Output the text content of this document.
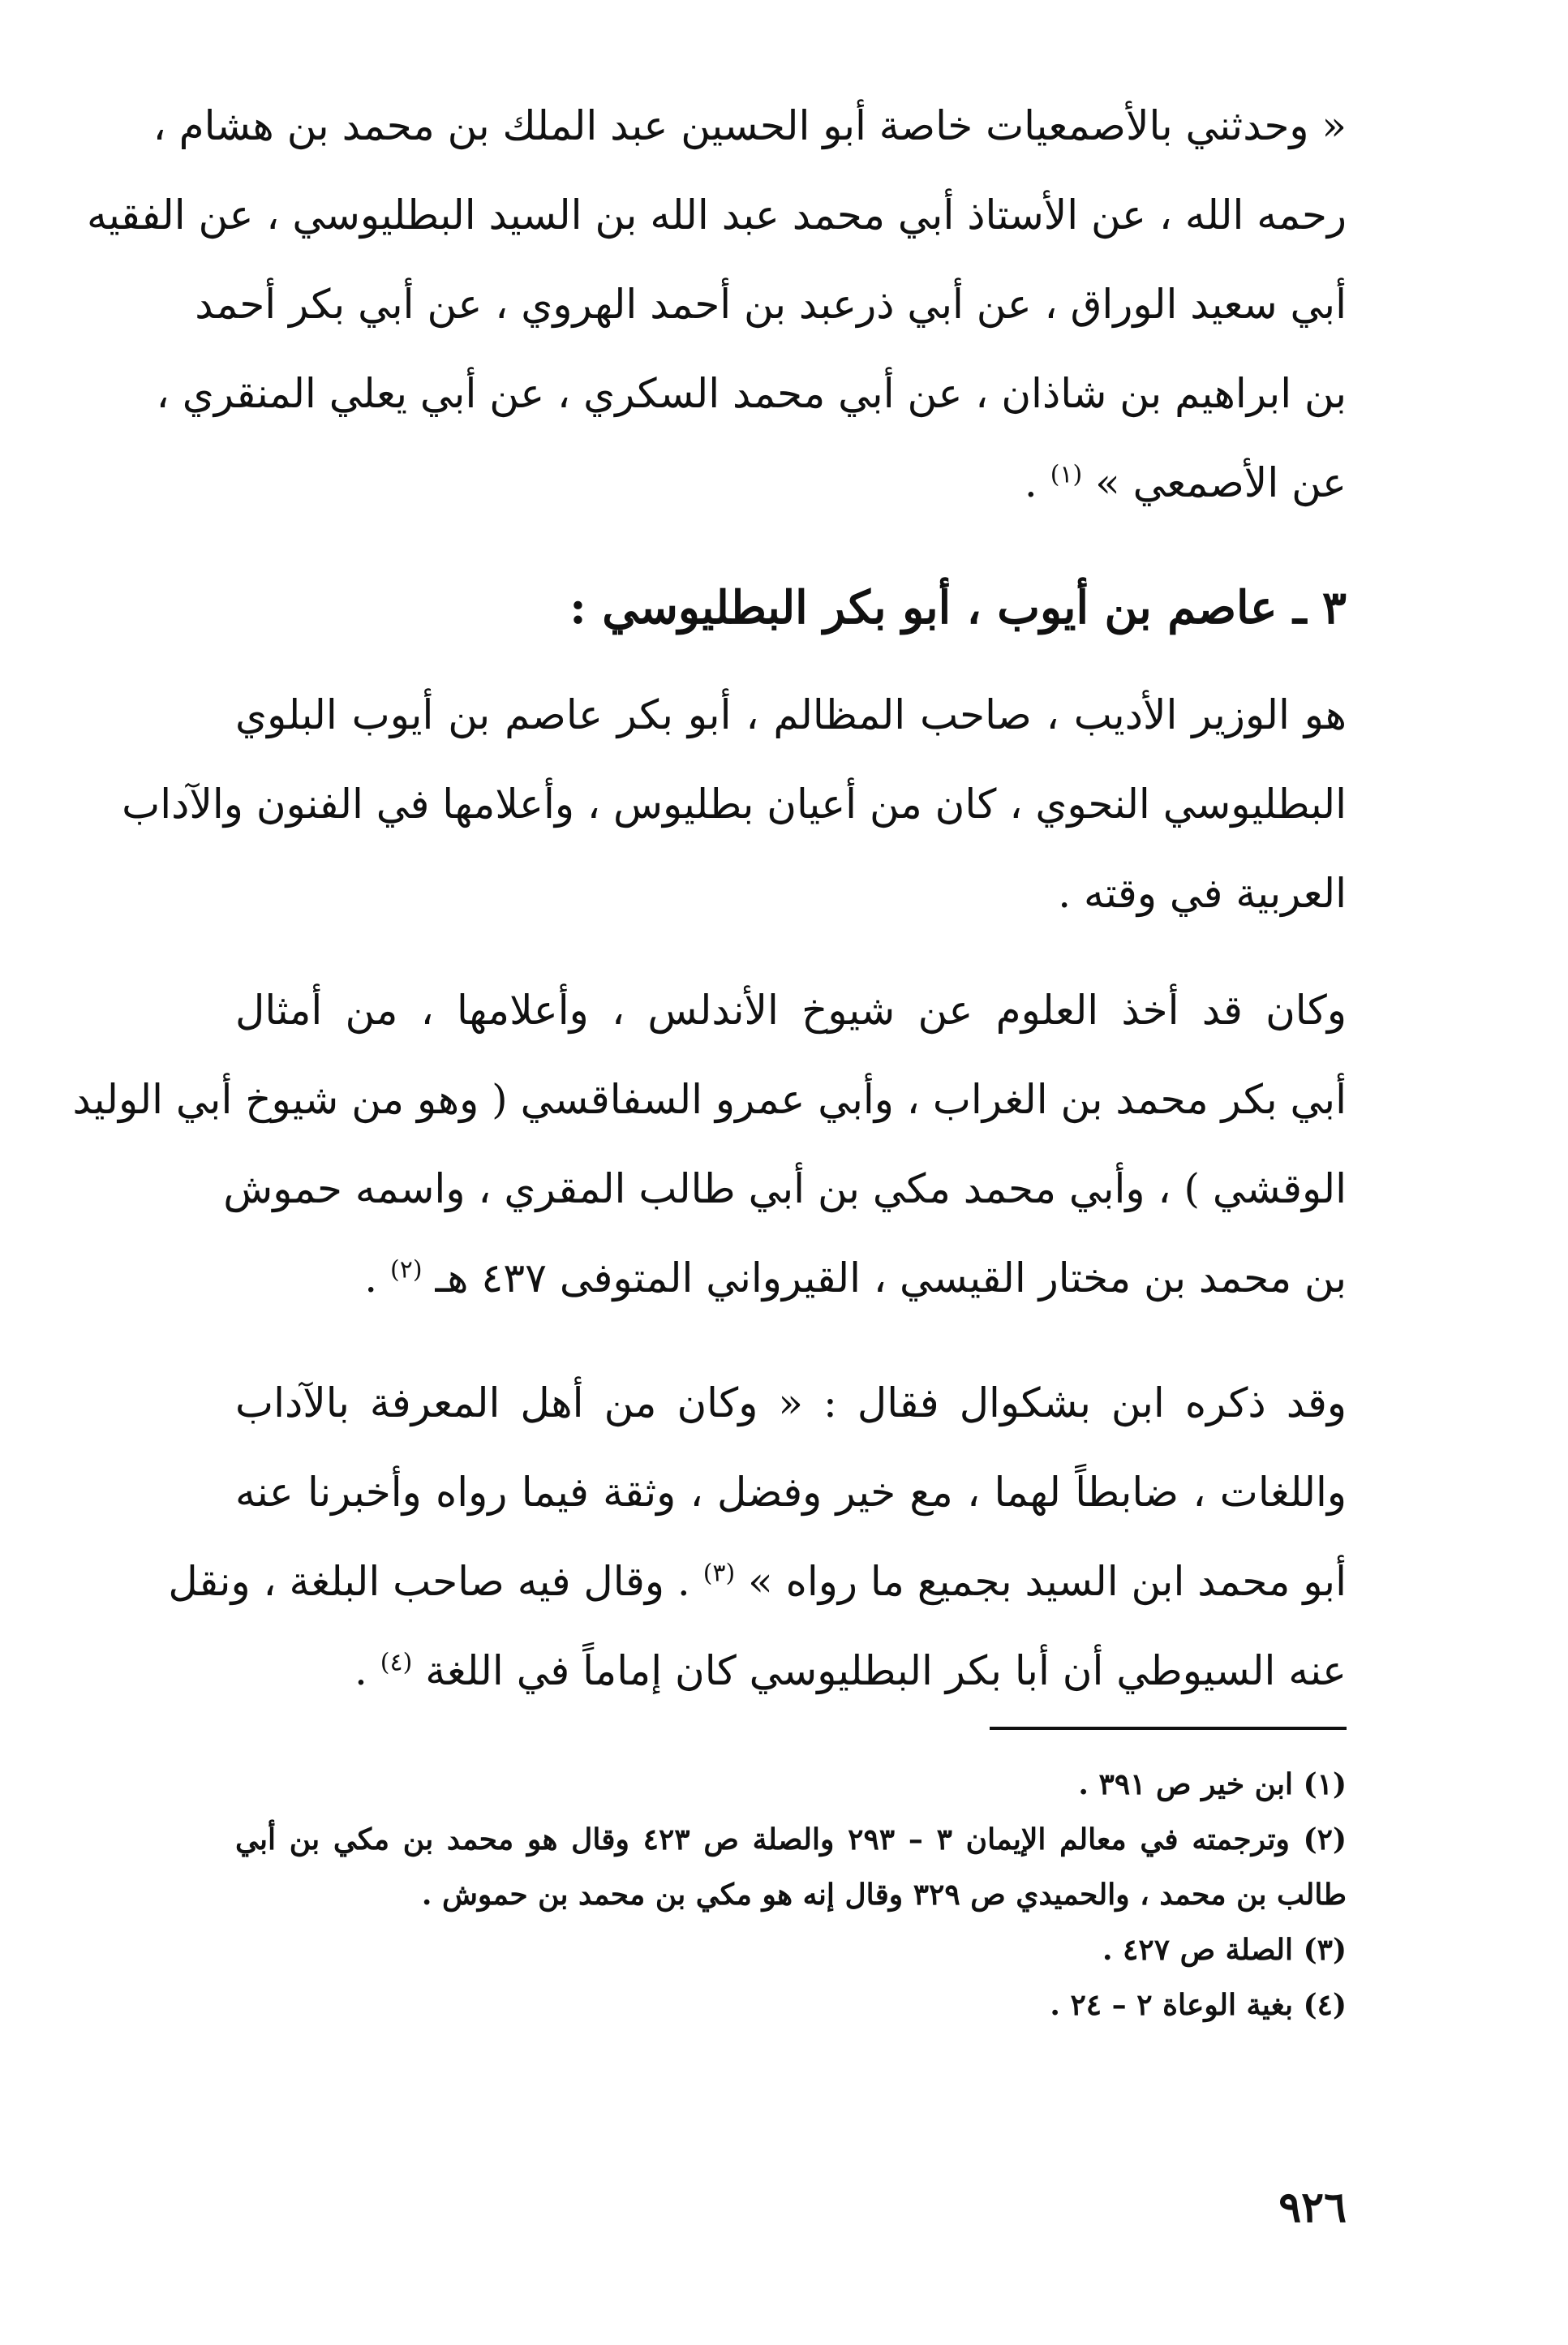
« وحدثني بالأصمعيات خاصة أبو الحسين عبد الملك بن محمد بن هشام ،
رحمه الله ، عن الأستاذ أبي محمد عبد الله بن السيد البطليوسي ، عن الفقيه
أبي سعيد الوراق ، عن أبي ذرعبد بن أحمد الهروي ، عن أبي بكر أحمد
بن ابراهيم بن شاذان ، عن أبي محمد السكري ، عن أبي يعلي المنقري ،
عن الأصمعي » $^{(١)}$ .

٣ ـ عاصم بن أيوب ، أبو بكر البطليوسي :

هو الوزير الأديب ، صاحب المظالم ، أبو بكر عاصم بن أيوب البلوي
البطليوسي النحوي ، كان من أعيان بطليوس ، وأعلامها في الفنون والآداب
العربية في وقته .

وكان قد أخذ العلوم عن شيوخ الأندلس ، وأعلامها ، من أمثال
أبي بكر محمد بن الغراب ، وأبي عمرو السفاقسي ( وهو من شيوخ أبي الوليد
الوقشي ) ، وأبي محمد مكي بن أبي طالب المقري ، واسمه حموش
بن محمد بن مختار القيسي ، القيرواني المتوفى ٤٣٧ هـ $^{(٢)}$ .

وقد ذكره ابن بشكوال فقال : « وكان من أهل المعرفة بالآداب
واللغات ، ضابطاً لهما ، مع خير وفضل ، وثقة فيما رواه وأخبرنا عنه
أبو محمد ابن السيد بجميع ما رواه » $^{(٣)}$ . وقال فيه صاحب البلغة ، ونقل
عنه السيوطي أن أبا بكر البطليوسي كان إماماً في اللغة $^{(٤)}$ .

(١) ابن خير ص ٣٩١ .
(٢) وترجمته في معالم الإيمان ٣ – ٢٩٣ والصلة ص ٤٢٣ وقال هو محمد بن مكي بن أبي
طالب بن محمد ، والحميدي ص ٣٢٩ وقال إنه هو مكي بن محمد بن حموش .
(٣) الصلة ص ٤٢٧ .
(٤) بغية الوعاة ٢ – ٢٤ .
٩٢٦
